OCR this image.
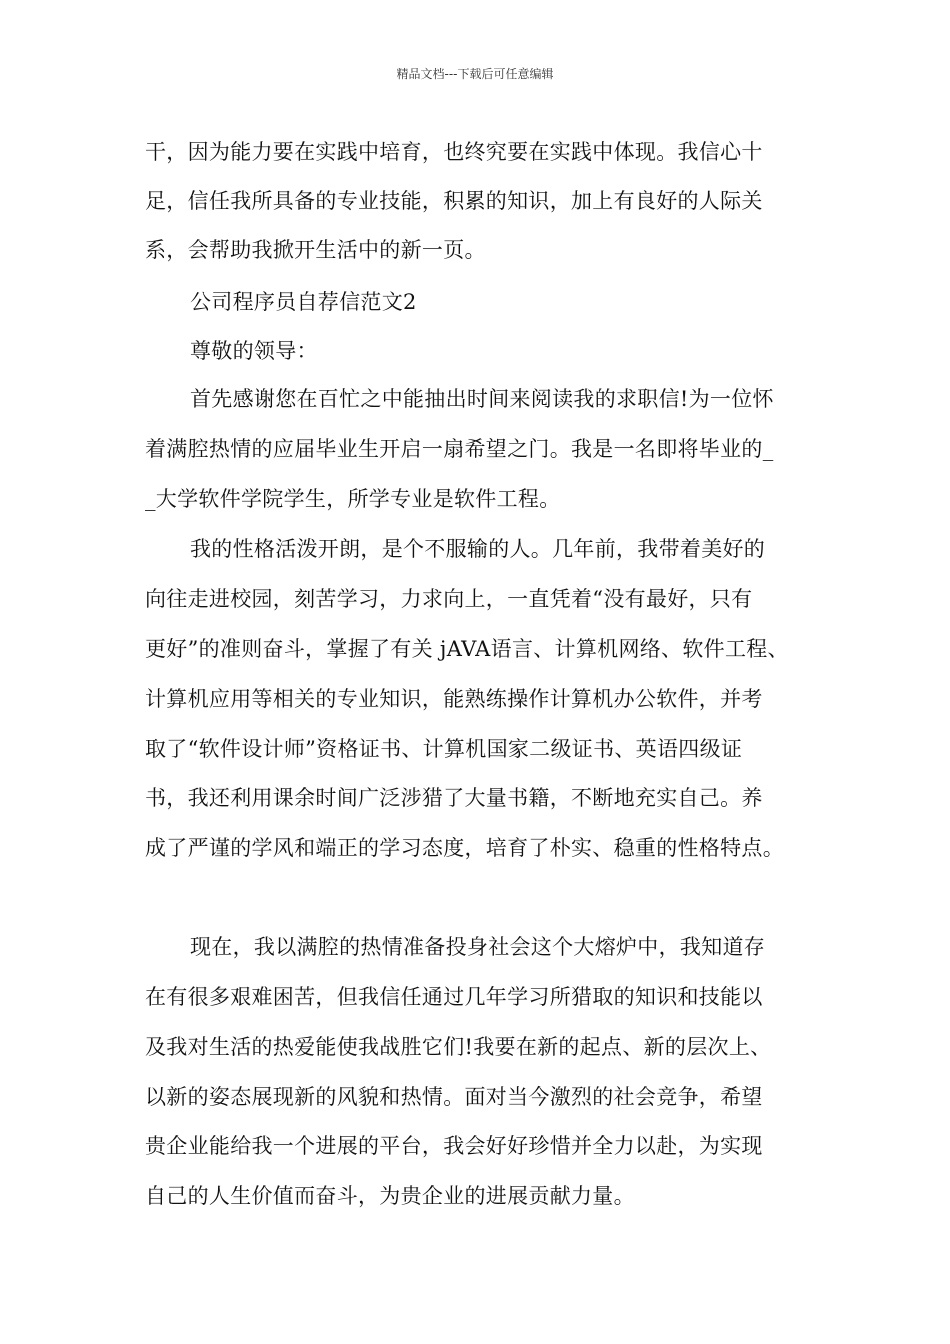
精品文档---下载后可任意编辑
干，因为能力要在实践中培育，也终究要在实践中体现。我信心十
足，信任我所具备的专业技能，积累的知识，加上有良好的人际关
系，会帮助我掀开生活中的新一页。
公司程序员自荐信范文2
尊敬的领导：
首先感谢您在百忙之中能抽出时间来阅读我的求职信!为一位怀
着满腔热情的应届毕业生开启一扇希望之门。我是一名即将毕业的_
_大学软件学院学生，所学专业是软件工程。
我的性格活泼开朗，是个不服输的人。几年前，我带着美好的
向往走进校园，刻苦学习，力求向上，一直凭着“没有最好，只有
更好”的准则奋斗，掌握了有关 jAVA语言、计算机网络、软件工程、
计算机应用等相关的专业知识，能熟练操作计算机办公软件，并考
取了“软件设计师”资格证书、计算机国家二级证书、英语四级证
书，我还利用课余时间广泛涉猎了大量书籍，不断地充实自己。养
成了严谨的学风和端正的学习态度，培育了朴实、稳重的性格特点。
现在，我以满腔的热情准备投身社会这个大熔炉中，我知道存
在有很多艰难困苦，但我信任通过几年学习所猎取的知识和技能以
及我对生活的热爱能使我战胜它们!我要在新的起点、新的层次上、
以新的姿态展现新的风貌和热情。面对当今激烈的社会竞争，希望
贵企业能给我一个进展的平台，我会好好珍惜并全力以赴，为实现
自己的人生价值而奋斗，为贵企业的进展贡献力量。
